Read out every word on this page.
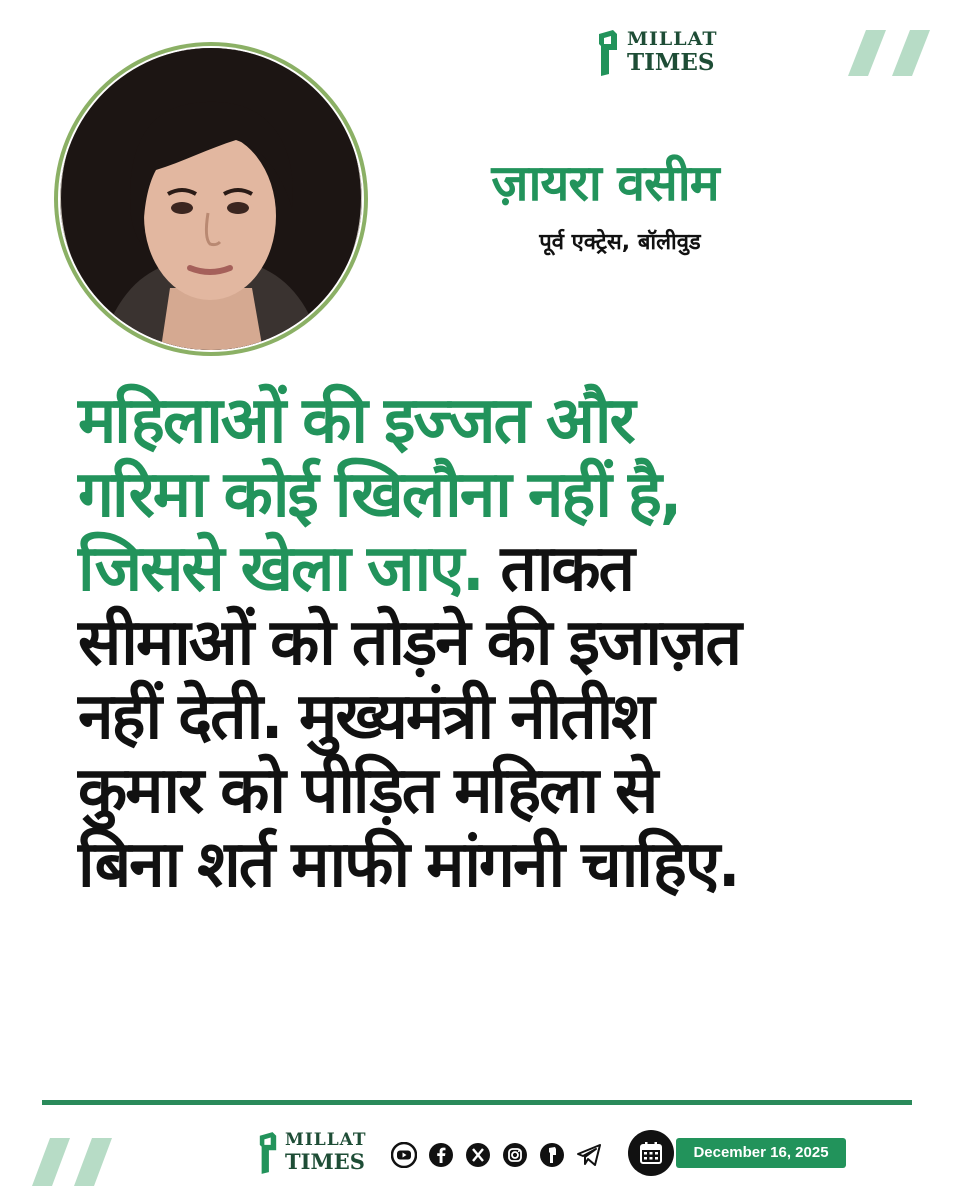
MILLAT
TIMES
ज़ायरा वसीम
पूर्व एक्ट्रेस, बॉलीवुड
महिलाओं की इज्जत और
गरिमा कोई खिलौना नहीं है,
जिससे खेला जाए. ताकत
सीमाओं को तोड़ने की इजाज़त
नहीं देती. मुख्यमंत्री नीतीश
कुमार को पीड़ित महिला से
बिना शर्त माफी मांगनी चाहिए.
MILLAT
TIMES	December 16, 2025
